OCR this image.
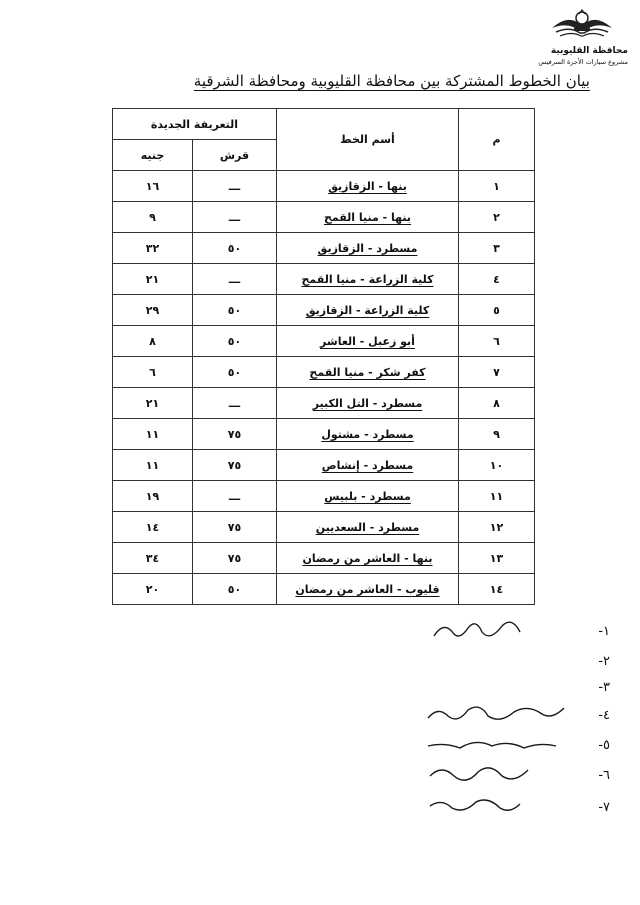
محافظة القليوبية
مشروع سيارات الأجرة السرفيس
بيان الخطوط المشتركة بين محافظة القليوبية ومحافظة الشرقية
م	أسم الخط	التعريفة الجديدة	
		قرش	جنيه
١	بنها - الزقازيق	ـــ	١٦
٢	بنها - منيا القمح	ـــ	٩
٣	مسطرد - الزقازيق	٥٠	٣٢
٤	كلية الزراعة - منيا القمح	ـــ	٢١
٥	كلية الزراعة - الزقازيق	٥٠	٢٩
٦	أبو زعبل - العاشر	٥٠	٨
٧	كفر شكر - منيا القمح	٥٠	٦
٨	مسطرد - التل الكبير	ـــ	٢١
٩	مسطرد - مشتول	٧٥	١١
١٠	مسطرد - إنشاص	٧٥	١١
١١	مسطرد - بلبيس	ـــ	١٩
١٢	مسطرد - السعديين	٧٥	١٤
١٣	بنها - العاشر من رمضان	٧٥	٣٤
١٤	قليوب - العاشر من رمضان	٥٠	٢٠
١-
٢-
٣-
٤-
٥-
٦-
٧-
